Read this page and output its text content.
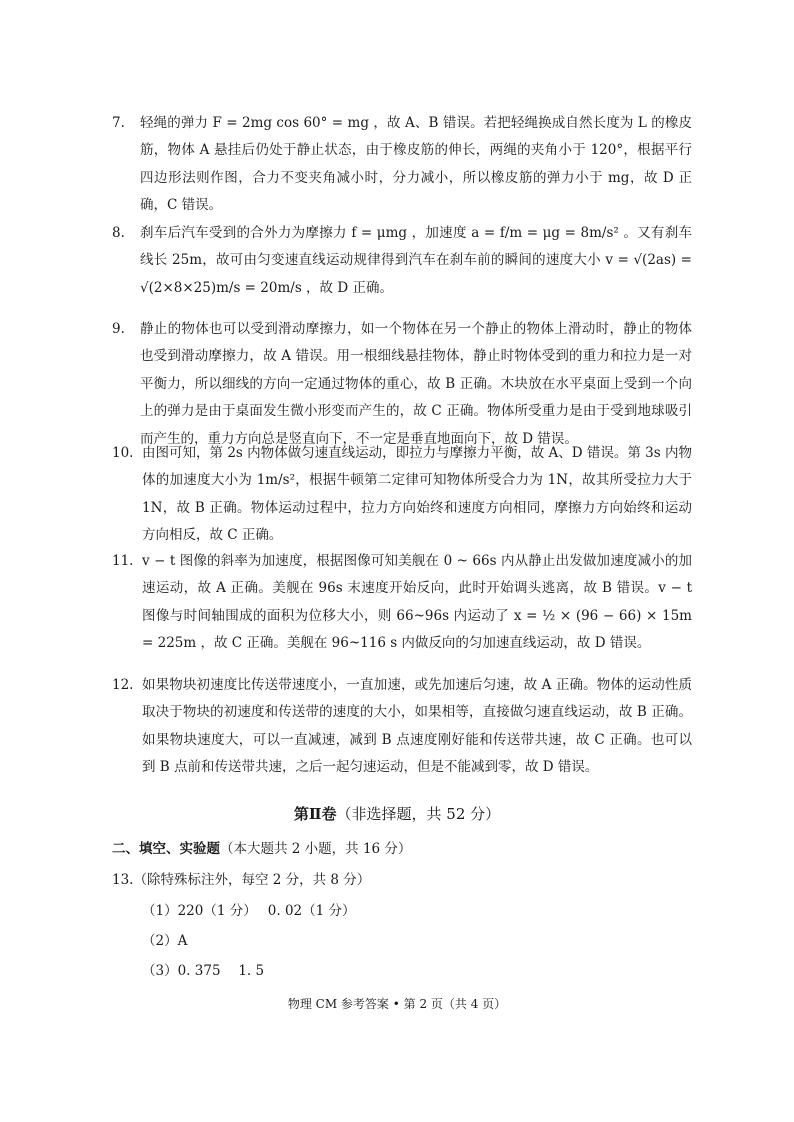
7.	轻绳的弹力 F = 2mg cos 60° = mg ，故 A、B 错误。若把轻绳换成自然长度为 L 的橡皮筋，物体 A 悬挂后仍处于静止状态，由于橡皮筋的伸长，两绳的夹角小于 120°，根据平行四边形法则作图，合力不变夹角减小时，分力减小，所以橡皮筋的弹力小于 mg，故 D 正确，C 错误。
8.	刹车后汽车受到的合外力为摩擦力 f = μmg ，加速度 a = f/m = μg = 8m/s² 。又有刹车线长 25m，故可由匀变速直线运动规律得到汽车在刹车前的瞬间的速度大小 v = √(2as) = √(2×8×25)m/s = 20m/s ，故 D 正确。
9.	静止的物体也可以受到滑动摩擦力，如一个物体在另一个静止的物体上滑动时，静止的物体也受到滑动摩擦力，故 A 错误。用一根细线悬挂物体，静止时物体受到的重力和拉力是一对平衡力，所以细线的方向一定通过物体的重心，故 B 正确。木块放在水平桌面上受到一个向上的弹力是由于桌面发生微小形变而产生的，故 C 正确。物体所受重力是由于受到地球吸引而产生的，重力方向总是竖直向下，不一定是垂直地面向下，故 D 错误。
10. 由图可知，第 2s 内物体做匀速直线运动，即拉力与摩擦力平衡，故 A、D 错误。第 3s 内物体的加速度大小为 1m/s²，根据牛顿第二定律可知物体所受合力为 1N，故其所受拉力大于 1N，故 B 正确。物体运动过程中，拉力方向始终和速度方向相同，摩擦力方向始终和运动方向相反，故 C 正确。
11. v − t 图像的斜率为加速度，根据图像可知美舰在 0 ~ 66s 内从静止出发做加速度减小的加速运动，故 A 正确。美舰在 96s 末速度开始反向，此时开始调头逃离，故 B 错误。v − t 图像与时间轴围成的面积为位移大小，则 66~96s 内运动了 x = ½ × (96 − 66) × 15m = 225m ，故 C 正确。美舰在 96~116 s 内做反向的匀加速直线运动，故 D 错误。
12. 如果物块初速度比传送带速度小，一直加速，或先加速后匀速，故 A 正确。物体的运动性质取决于物块的初速度和传送带的速度的大小，如果相等，直接做匀速直线运动，故 B 正确。如果物块速度大，可以一直减速，减到 B 点速度刚好能和传送带共速，故 C 正确。也可以到 B 点前和传送带共速，之后一起匀速运动，但是不能减到零，故 D 错误。
第Ⅱ卷（非选择题，共 52 分）
二、填空、实验题（本大题共 2 小题，共 16 分）
13.（除特殊标注外，每空 2 分，共 8 分）
（1）220（1 分）　 0. 02（1 分）
（2）A
（3）0. 375　 1. 5
物理 CM 参考答案 • 第 2 页（共 4 页）
